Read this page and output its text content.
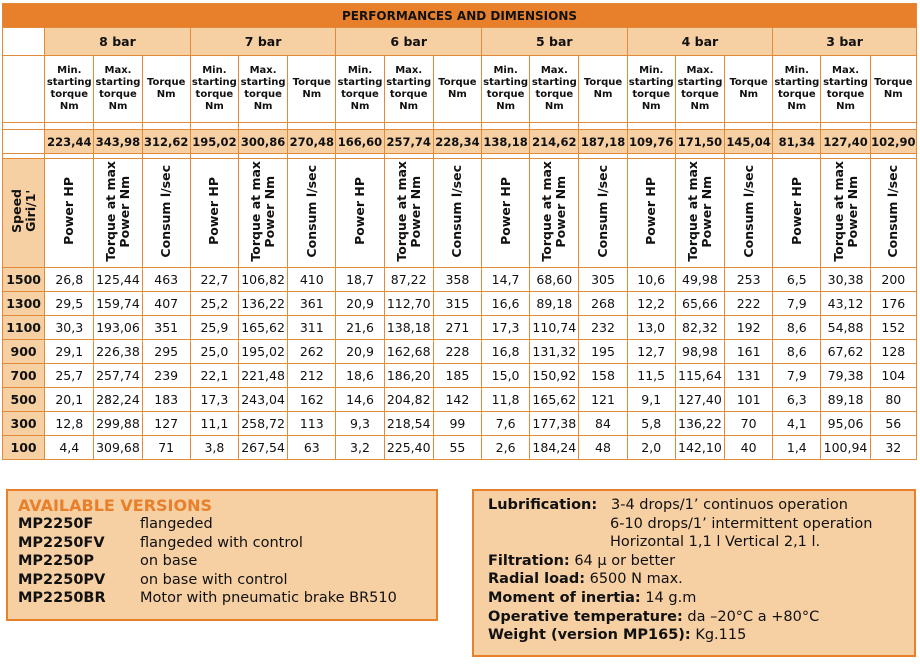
PERFORMANCES AND DIMENSIONS																		
	8 bar			7 bar			6 bar			5 bar			4 bar			3 bar		
	Min.
starting
torque
Nm	Max.
starting
torque
Nm	Torque
Nm	Min.
starting
torque
Nm	Max.
starting
torque
Nm	Torque
Nm	Min.
starting
torque
Nm	Max.
starting
torque
Nm	Torque
Nm	Min.
starting
torque
Nm	Max.
starting
torque
Nm	Torque
Nm	Min.
starting
torque
Nm	Max.
starting
torque
Nm	Torque
Nm	Min.
starting
torque
Nm	Max.
starting
torque
Nm	Torque
Nm

	223,44	343,98	312,62	195,02	300,86	270,48	166,60	257,74	228,34	138,18	214,62	187,18	109,76	171,50	145,04	81,34	127,40	102,90

Speed
Giri/1'	Power HP	Torque at max
Power Nm	Consum l/sec	Power HP	Torque at max
Power Nm	Consum l/sec	Power HP	Torque at max
Power Nm	Consum l/sec	Power HP	Torque at max
Power Nm	Consum l/sec	Power HP	Torque at max
Power Nm	Consum l/sec	Power HP	Torque at max
Power Nm	Consum l/sec
1500	26,8	125,44	463	22,7	106,82	410	18,7	87,22	358	14,7	68,60	305	10,6	49,98	253	6,5	30,38	200
1300	29,5	159,74	407	25,2	136,22	361	20,9	112,70	315	16,6	89,18	268	12,2	65,66	222	7,9	43,12	176
1100	30,3	193,06	351	25,9	165,62	311	21,6	138,18	271	17,3	110,74	232	13,0	82,32	192	8,6	54,88	152
900	29,1	226,38	295	25,0	195,02	262	20,9	162,68	228	16,8	131,32	195	12,7	98,98	161	8,6	67,62	128
700	25,7	257,74	239	22,1	221,48	212	18,6	186,20	185	15,0	150,92	158	11,5	115,64	131	7,9	79,38	104
500	20,1	282,24	183	17,3	243,04	162	14,6	204,82	142	11,8	165,62	121	9,1	127,40	101	6,3	89,18	80
300	12,8	299,88	127	11,1	258,72	113	9,3	218,54	99	7,6	177,38	84	5,8	136,22	70	4,1	95,06	56
100	4,4	309,68	71	3,8	267,54	63	3,2	225,40	55	2,6	184,24	48	2,0	142,10	40	1,4	100,94	32
AVAILABLE VERSIONS
MP2250F	flangeded
MP2250FV	flangeded with control
MP2250P	on base
MP2250PV	on base with control
MP2250BR	Motor with pneumatic brake BR510
Lubrification: 3-4 drops/1’ continuos operation
6-10 drops/1’ intermittent operation
Horizontal 1,1 l Vertical 2,1 l.
Filtration: 64 µ or better
Radial load: 6500 N max.
Moment of inertia: 14 g.m
Operative temperature: da –20°C a +80°C
Weight (version MP165): Kg.115
